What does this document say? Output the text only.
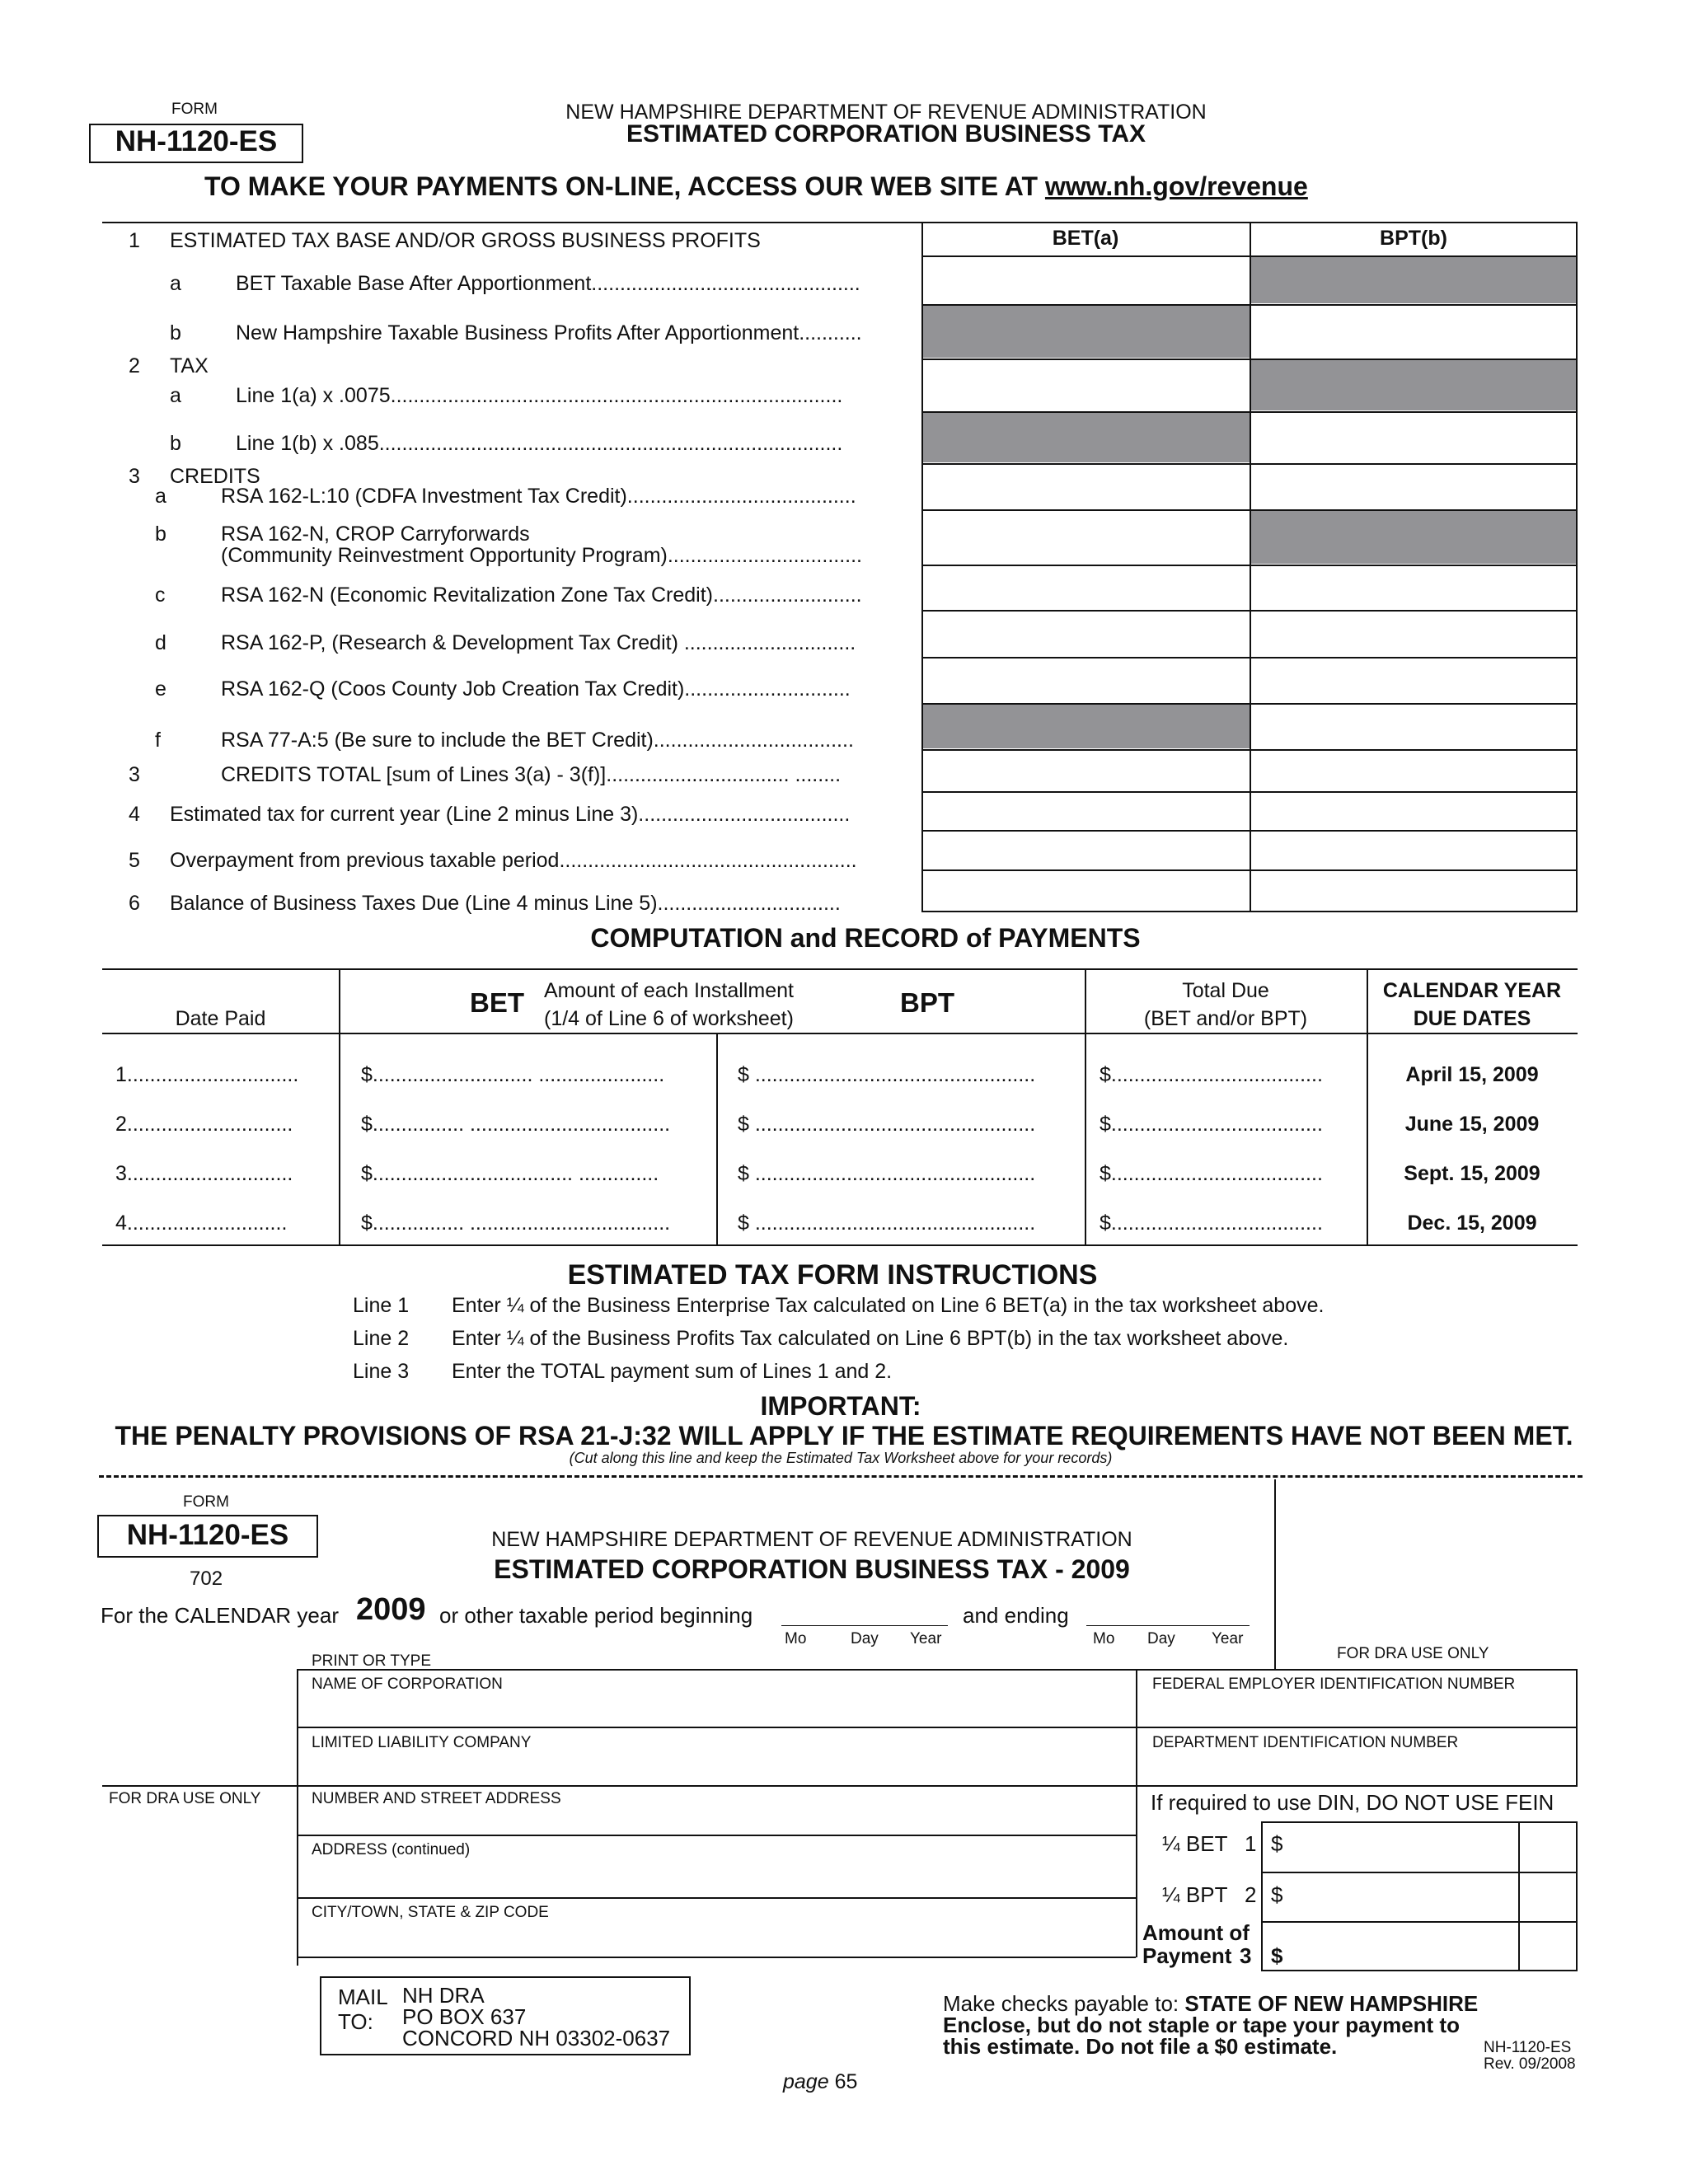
FORM
NH-1120-ES
NEW HAMPSHIRE DEPARTMENT OF REVENUE ADMINISTRATION
ESTIMATED CORPORATION BUSINESS TAX
TO MAKE YOUR PAYMENTS ON-LINE, ACCESS OUR WEB SITE AT www.nh.gov/revenue
BET(a)	BPT(b)
1 ESTIMATED TAX BASE AND/OR GROSS BUSINESS PROFITS
a	BET Taxable Base After Apportionment...............................................
b	New Hampshire Taxable Business Profits After Apportionment...........
2 TAX
a	Line 1(a) x .0075...............................................................................
b	Line 1(b) x .085.................................................................................
3 CREDITS
a	RSA 162-L:10 (CDFA Investment Tax Credit)........................................
b	RSA 162-N, CROP Carryforwards
(Community Reinvestment Opportunity Program)..................................
c	RSA 162-N (Economic Revitalization Zone Tax Credit)..........................
d	RSA 162-P, (Research & Development Tax Credit) ..............................
e	RSA 162-Q (Coos County Job Creation Tax Credit).............................
f	RSA 77-A:5 (Be sure to include the BET Credit)...................................
3	CREDITS TOTAL [sum of Lines 3(a) - 3(f)]................................ ........
4 Estimated tax for current year (Line 2 minus Line 3).....................................
5 Overpayment from previous taxable period....................................................
6 Balance of Business Taxes Due (Line 4 minus Line 5)................................
COMPUTATION and RECORD of PAYMENTS
Date Paid
BET Amount of each Installment
(1/4 of Line 6 of worksheet)
BPT	Total Due
(BET and/or BPT)
CALENDAR YEAR
DUE DATES
1..............................	$............................ ......................	$ .................................................	$.....................................	April 15, 2009
2.............................	$................ ...................................	$ .................................................	$.....................................	June 15, 2009
3.............................	$................................... ..............	$ .................................................	$.....................................	Sept. 15, 2009
4............................	$................ ...................................	$ .................................................	$.....................................	Dec. 15, 2009
ESTIMATED TAX FORM INSTRUCTIONS
Line 1 Enter ¼ of the Business Enterprise Tax calculated on Line 6 BET(a) in the tax worksheet above.
Line 2 Enter ¼ of the Business Profits Tax calculated on Line 6 BPT(b) in the tax worksheet above.
Line 3 Enter the TOTAL payment sum of Lines 1 and 2.
IMPORTANT:
THE PENALTY PROVISIONS OF RSA 21-J:32 WILL APPLY IF THE ESTIMATE REQUIREMENTS HAVE NOT BEEN MET.
(Cut along this line and keep the Estimated Tax Worksheet above for your records)
FORM
NH-1120-ES
702
NEW HAMPSHIRE DEPARTMENT OF REVENUE ADMINISTRATION
ESTIMATED CORPORATION BUSINESS TAX - 2009
For the CALENDAR year 2009 or other taxable period beginning	and ending
Mo	Day Year	Mo Day Year
PRINT OR TYPE	FOR DRA USE ONLY
NAME OF CORPORATION	FEDERAL EMPLOYER IDENTIFICATION NUMBER
LIMITED LIABILITY COMPANY	DEPARTMENT IDENTIFICATION NUMBER
FOR DRA USE ONLY	NUMBER AND STREET ADDRESS	If required to use DIN, DO NOT USE FEIN
ADDRESS (continued)
CITY/TOWN, STATE & ZIP CODE
¼ BET 1 $
¼ BPT 2 $
Amount of
Payment 3 $
MAIL
TO:
NH DRA
PO BOX 637
CONCORD NH 03302-0637
Make checks payable to: STATE OF NEW HAMPSHIRE
Enclose, but do not staple or tape your payment to
this estimate. Do not file a $0 estimate.
page 65
NH-1120-ES
Rev. 09/2008
